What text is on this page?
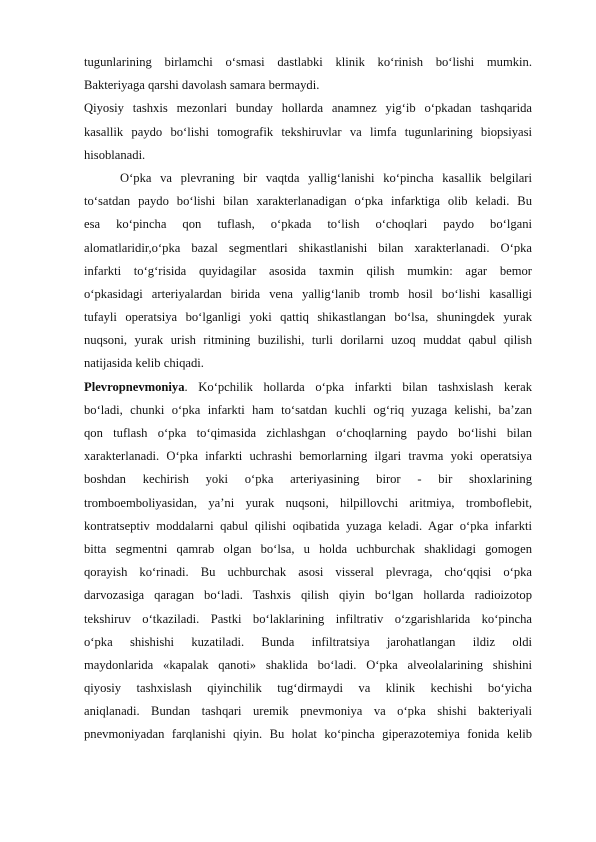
tugunlarining birlamchi o‘smasi dastlabki klinik ko‘rinish bo‘lishi mumkin.
Bakteriyaga qarshi davolash samara bermaydi.
Qiyosiy tashxis mezonlari bunday hollarda anamnez yig‘ib o‘pkadan tashqarida
kasallik paydo bo‘lishi tomografik tekshiruvlar va limfa tugunlarining biopsiyasi
hisoblanadi.
O‘pka va plevraning bir vaqtda yallig‘lanishi ko‘pincha kasallik belgilari
to‘satdan paydo bo‘lishi bilan xarakterlanadigan o‘pka infarktiga olib keladi. Bu
esa ko‘pincha qon tuflash, o‘pkada to‘lish o‘choqlari paydo bo‘lgani
alomatlaridir,o‘pka bazal segmentlari shikastlanishi bilan xarakterlanadi. O‘pka
infarkti to‘g‘risida quyidagilar asosida taxmin qilish mumkin: agar bemor
o‘pkasidagi arteriyalardan birida vena yallig‘lanib tromb hosil bo‘lishi kasalligi
tufayli operatsiya bo‘lganligi yoki qattiq shikastlangan bo‘lsa, shuningdek yurak
nuqsoni, yurak urish ritmining buzilishi, turli dorilarni uzoq muddat qabul qilish
natijasida kelib chiqadi.
Plevropnevmoniya. Ko‘pchilik hollarda o‘pka infarkti bilan tashxislash kerak
bo‘ladi, chunki o‘pka infarkti ham to‘satdan kuchli og‘riq yuzaga kelishi, ba’zan
qon tuflash o‘pka to‘qimasida zichlashgan o‘choqlarning paydo bo‘lishi bilan
xarakterlanadi. O‘pka infarkti uchrashi bemorlarning ilgari travma yoki operatsiya
boshdan kechirish yoki o‘pka arteriyasining biror - bir shoxlarining
tromboemboliyasidan, ya’ni yurak nuqsoni, hilpillovchi aritmiya, tromboflebit,
kontratseptiv moddalarni qabul qilishi oqibatida yuzaga keladi. Agar o‘pka infarkti
bitta segmentni qamrab olgan bo‘lsa, u holda uchburchak shaklidagi gomogen
qorayish ko‘rinadi. Bu uchburchak asosi visseral plevraga, cho‘qqisi o‘pka
darvozasiga qaragan bo‘ladi. Tashxis qilish qiyin bo‘lgan hollarda radioizotop
tekshiruv o‘tkaziladi. Pastki bo‘laklarining infiltrativ o‘zgarishlarida ko‘pincha
o‘pka shishishi kuzatiladi. Bunda infiltratsiya jarohatlangan ildiz oldi
maydonlarida «kapalak qanoti» shaklida bo‘ladi. O‘pka alveolalarining shishini
qiyosiy tashxislash qiyinchilik tug‘dirmaydi va klinik kechishi bo‘yicha
aniqlanadi. Bundan tashqari uremik pnevmoniya va o‘pka shishi bakteriyali
pnevmoniyadan farqlanishi qiyin. Bu holat ko‘pincha giperazotemiya fonida kelib
